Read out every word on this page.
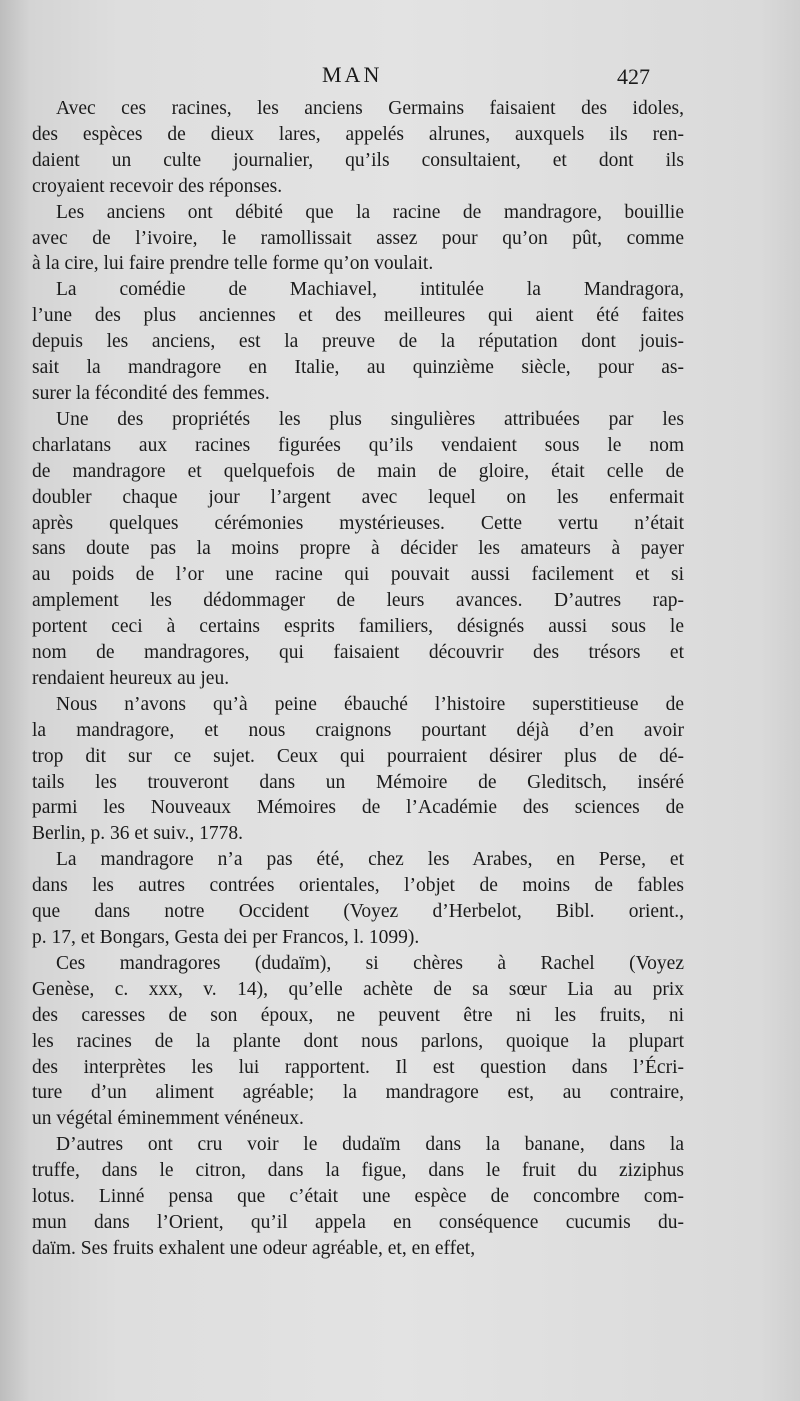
MAN	427

Avec ces racines, les anciens Germains faisaient des idoles,
des espèces de dieux lares, appelés alrunes, auxquels ils ren-
daient un culte journalier, qu’ils consultaient, et dont ils
croyaient recevoir des réponses.

Les anciens ont débité que la racine de mandragore, bouillie
avec de l’ivoire, le ramollissait assez pour qu’on pût, comme
à la cire, lui faire prendre telle forme qu’on voulait.

La comédie de Machiavel, intitulée la Mandragora,
l’une des plus anciennes et des meilleures qui aient été faites
depuis les anciens, est la preuve de la réputation dont jouis-
sait la mandragore en Italie, au quinzième siècle, pour as-
surer la fécondité des femmes.

Une des propriétés les plus singulières attribuées par les
charlatans aux racines figurées qu’ils vendaient sous le nom
de mandragore et quelquefois de main de gloire, était celle de
doubler chaque jour l’argent avec lequel on les enfermait
après quelques cérémonies mystérieuses. Cette vertu n’était
sans doute pas la moins propre à décider les amateurs à payer
au poids de l’or une racine qui pouvait aussi facilement et si
amplement les dédommager de leurs avances. D’autres rap-
portent ceci à certains esprits familiers, désignés aussi sous le
nom de mandragores, qui faisaient découvrir des trésors et
rendaient heureux au jeu.

Nous n’avons qu’à peine ébauché l’histoire superstitieuse de
la mandragore, et nous craignons pourtant déjà d’en avoir
trop dit sur ce sujet. Ceux qui pourraient désirer plus de dé-
tails les trouveront dans un Mémoire de Gleditsch, inséré
parmi les Nouveaux Mémoires de l’Académie des sciences de
Berlin, p. 36 et suiv., 1778.

La mandragore n’a pas été, chez les Arabes, en Perse, et
dans les autres contrées orientales, l’objet de moins de fables
que dans notre Occident (Voyez d’Herbelot, Bibl. orient.,
p. 17, et Bongars, Gesta dei per Francos, l. 1099).

Ces mandragores (dudaïm), si chères à Rachel (Voyez
Genèse, c. xxx, v. 14), qu’elle achète de sa sœur Lia au prix
des caresses de son époux, ne peuvent être ni les fruits, ni
les racines de la plante dont nous parlons, quoique la plupart
des interprètes les lui rapportent. Il est question dans l’Écri-
ture d’un aliment agréable; la mandragore est, au contraire,
un végétal éminemment vénéneux.

D’autres ont cru voir le dudaïm dans la banane, dans la
truffe, dans le citron, dans la figue, dans le fruit du ziziphus
lotus. Linné pensa que c’était une espèce de concombre com-
mun dans l’Orient, qu’il appela en conséquence cucumis du-
daïm. Ses fruits exhalent une odeur agréable, et, en effet,
